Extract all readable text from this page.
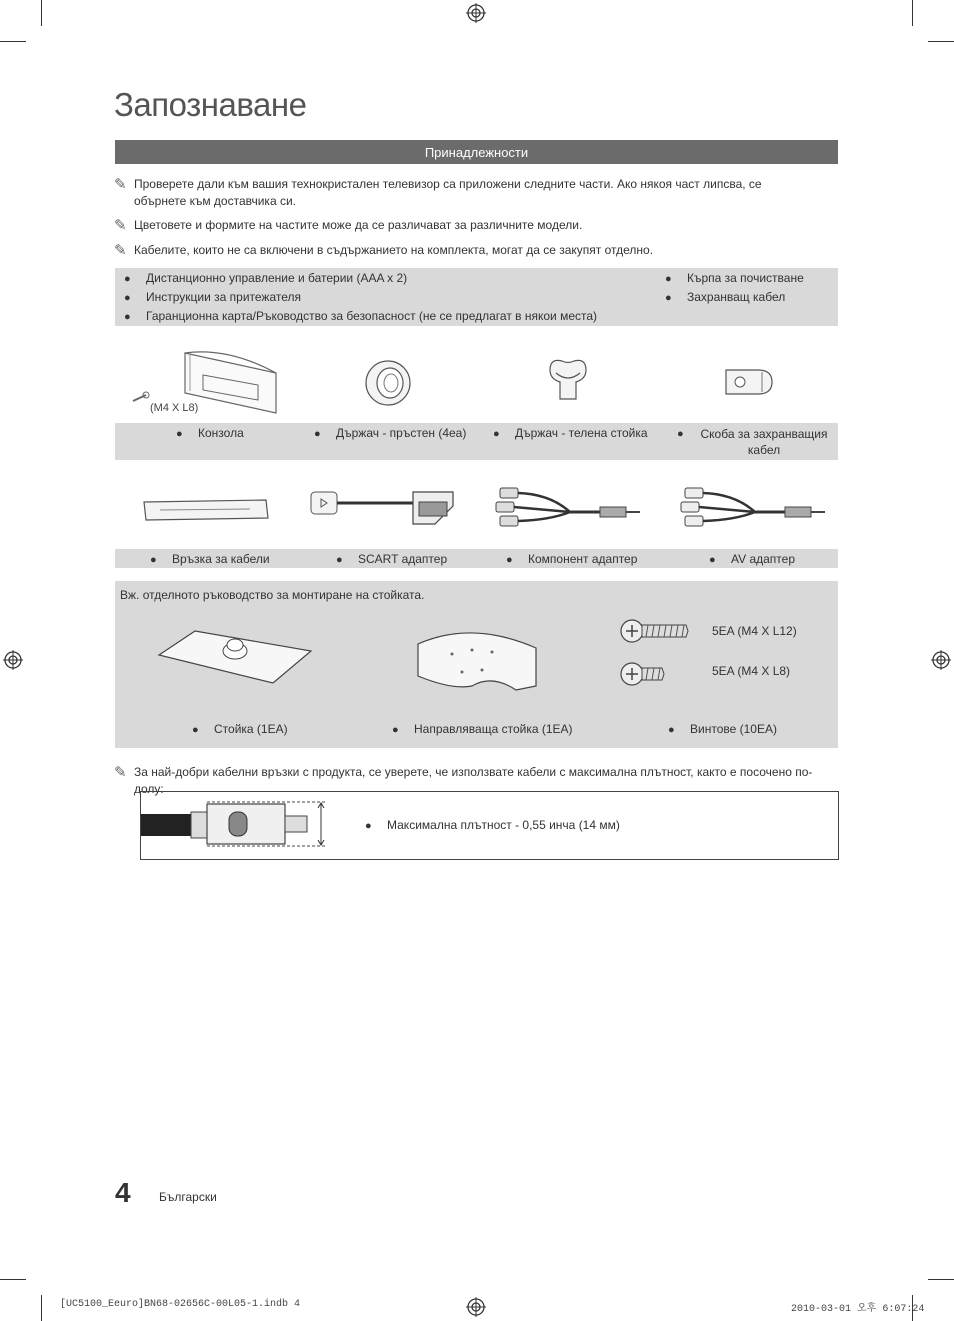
Запознаване
Принадлежности
✎ Проверете дали към вашия технокристален телевизор са приложени следните части. Ако някоя част липсва, се обърнете към доставчика си.
✎ Цветовете и формите на частите може да се различават за различните модели.
✎ Кабелите, които не са включени в съдържанието на комплекта, могат да се закупят отделно.
● Дистанционно управление и батерии (AAA x 2)
● Инструкции за притежателя
● Гаранционна карта/Ръководство за безопасност (не се предлагат в някои места)
● Кърпа за почистване
● Захранващ кабел
(M4 X L8)
● Конзола	● Държач - пръстен (4еа) ● Държач - телена стойка	●	Скоба за захранващия кабел
● Връзка за кабели	● SCART адаптер	● Компонент адаптер	● AV адаптер
Вж. отделното ръководство за монтиране на стойката.
5EA (M4 X L12)
5EA (M4 X L8)
● Стойка (1EA)	● Направляваща стойка (1EA)	● Винтове (10EA)
✎ За най-добри кабелни връзки с продукта, се уверете, че използвате кабели с максимална плътност, както е посочено по-долу:
● Максимална плътност - 0,55 инча (14 мм)
4 Български
[UC5100_Eeuro]BN68-02656C-00L05-1.indb 4	2010-03-01 오후 6:07:24
